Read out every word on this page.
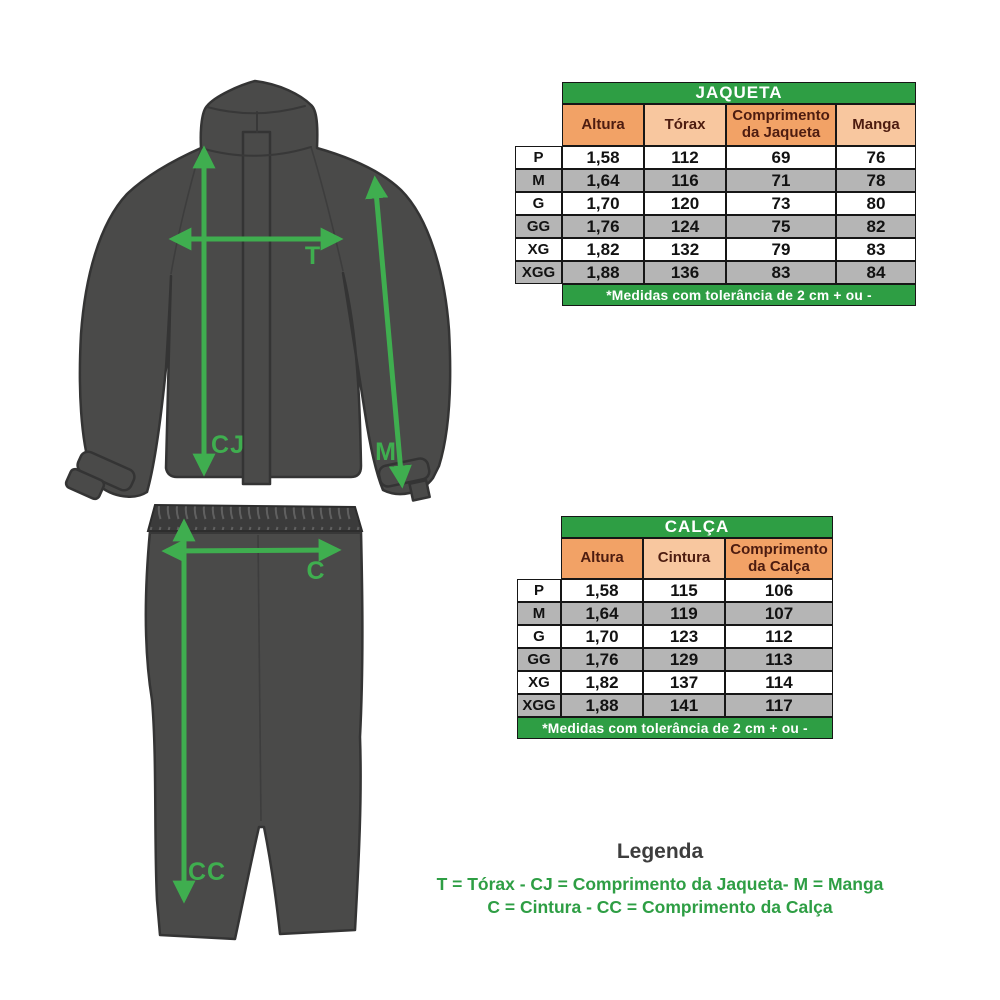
T
CJ	M
C
CC
JAQUETA
Altura	Tórax	Comprimento da Jaqueta	Manga
P	1,58	112	69	76
M	1,64	116	71	78
G	1,70	120	73	80
GG	1,76	124	75	82
XG	1,82	132	79	83
XGG	1,88	136	83	84
*Medidas com tolerância de 2 cm + ou -
CALÇA
Altura	Cintura	Comprimento da Calça
P	1,58	115	106
M	1,64	119	107
G	1,70	123	112
GG	1,76	129	113
XG	1,82	137	114
XGG	1,88	141	117
*Medidas com tolerância de 2 cm + ou -

Legenda

T = Tórax - CJ = Comprimento da Jaqueta- M = Manga

C = Cintura - CC = Comprimento da Calça
